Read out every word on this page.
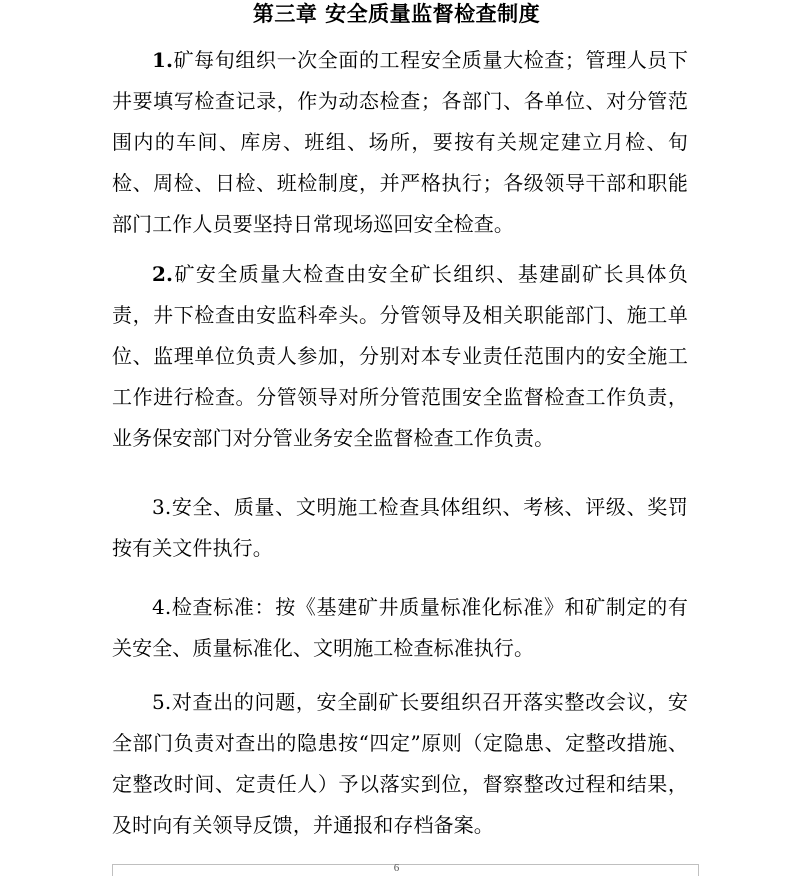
第三章 安全质量监督检查制度

1.矿每旬组织一次全面的工程安全质量大检查；管理人员下井要填写检查记录，作为动态检查；各部门、各单位、对分管范围内的车间、库房、班组、场所，要按有关规定建立月检、旬检、周检、日检、班检制度，并严格执行；各级领导干部和职能部门工作人员要坚持日常现场巡回安全检查。

2.矿安全质量大检查由安全矿长组织、基建副矿长具体负责，井下检查由安监科牵头。分管领导及相关职能部门、施工单位、监理单位负责人参加，分别对本专业责任范围内的安全施工工作进行检查。分管领导对所分管范围安全监督检查工作负责，业务保安部门对分管业务安全监督检查工作负责。

3.安全、质量、文明施工检查具体组织、考核、评级、奖罚按有关文件执行。

4.检查标准：按《基建矿井质量标准化标准》和矿制定的有关安全、质量标准化、文明施工检查标准执行。

5.对查出的问题，安全副矿长要组织召开落实整改会议，安全部门负责对查出的隐患按“四定”原则（定隐患、定整改措施、定整改时间、定责任人）予以落实到位，督察整改过程和结果，及时向有关领导反馈，并通报和存档备案。

6
